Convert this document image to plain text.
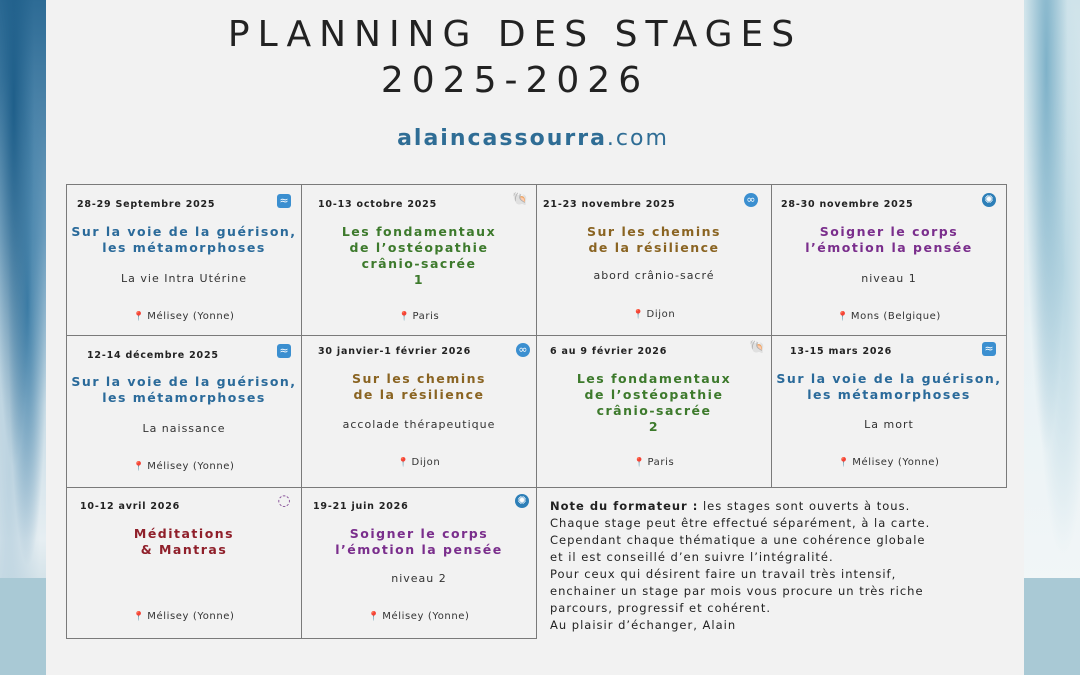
PLANNING DES STAGES
2025-2026
alaincassourra.com
28-29 Septembre 2025	≈
Sur la voie de la guérison,
les métamorphoses
La vie Intra Utérine
📍 Mélisey (Yonne)
10-13 octobre 2025	🐚
Les fondamentaux
de l’ostéopathie
crânio-sacrée
1
📍 Paris
21-23 novembre 2025	∞
Sur les chemins
de la résilience
abord crânio-sacré
📍 Dijon
28-30 novembre 2025	✺
Soigner le corps
l’émotion la pensée
niveau 1
📍 Mons (Belgique)
12-14 décembre 2025	≈
Sur la voie de la guérison,
les métamorphoses
La naissance
📍 Mélisey (Yonne)
30 janvier-1 février 2026	∞
Sur les chemins
de la résilience
accolade thérapeutique
📍 Dijon
6 au 9 février 2026	🐚
Les fondamentaux
de l’ostéopathie
crânio-sacrée
2
📍 Paris
13-15 mars 2026	≈
Sur la voie de la guérison,
les métamorphoses
La mort
📍 Mélisey (Yonne)
10-12 avril 2026	◌
Méditations
& Mantras
📍 Mélisey (Yonne)
19-21 juin 2026	✺
Soigner le corps
l’émotion la pensée
niveau 2
📍 Mélisey (Yonne)
Note du formateur : les stages sont ouverts à tous.
Chaque stage peut être effectué séparément, à la carte.
Cependant chaque thématique a une cohérence globale
et il est conseillé d’en suivre l’intégralité.
Pour ceux qui désirent faire un travail très intensif,
enchainer un stage par mois vous procure un très riche
parcours, progressif et cohérent.
Au plaisir d’échanger, Alain
